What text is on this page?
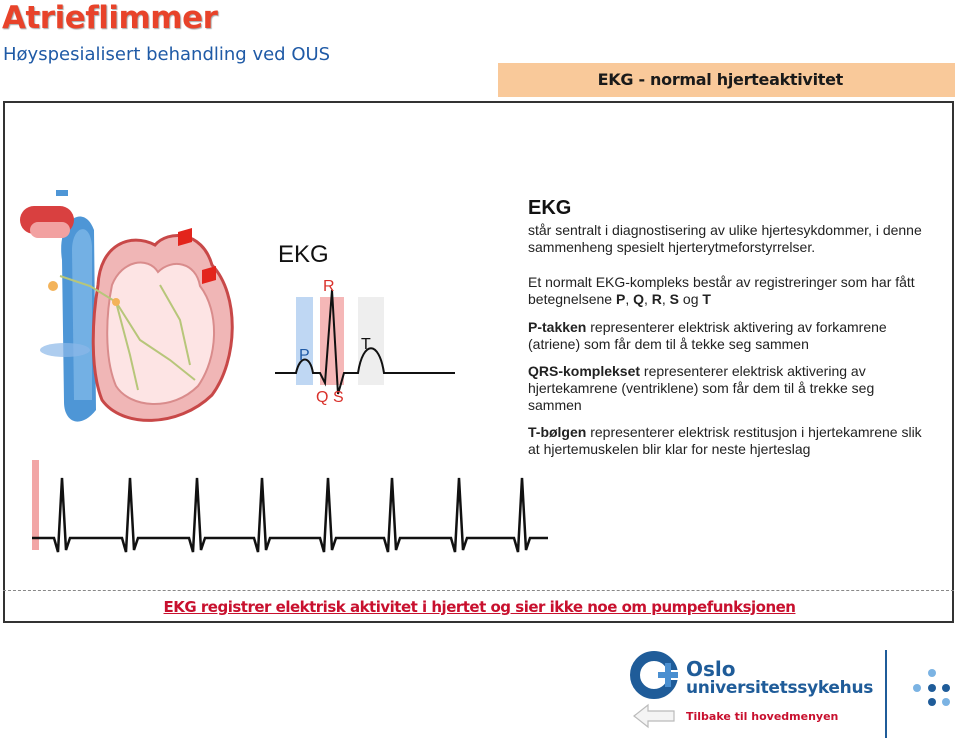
Atrieflimmer
Høyspesialisert behandling ved OUS
EKG - normal hjerteaktivitet
EKG
R
P
Q S
T
EKG

står sentralt i diagnostisering av ulike hjertesykdommer, i denne sammenheng spesielt hjerterytmeforstyrrelser.

Et normalt EKG-kompleks består av registreringer som har fått betegnelsene P, Q, R, S og T

P-takken representerer elektrisk aktivering av forkamrene (atriene) som får dem til å tekke seg sammen

QRS-komplekset representerer elektrisk aktivering av hjertekamrene (ventriklene) som får dem til å trekke seg sammen

T-bølgen representerer elektrisk restitusjon i hjertekamrene slik at hjertemuskelen blir klar for neste hjerteslag

EKG registrer elektrisk aktivitet i hjertet og sier ikke noe om pumpefunksjonen
Oslo
universitetssykehus
Tilbake til hovedmenyen
